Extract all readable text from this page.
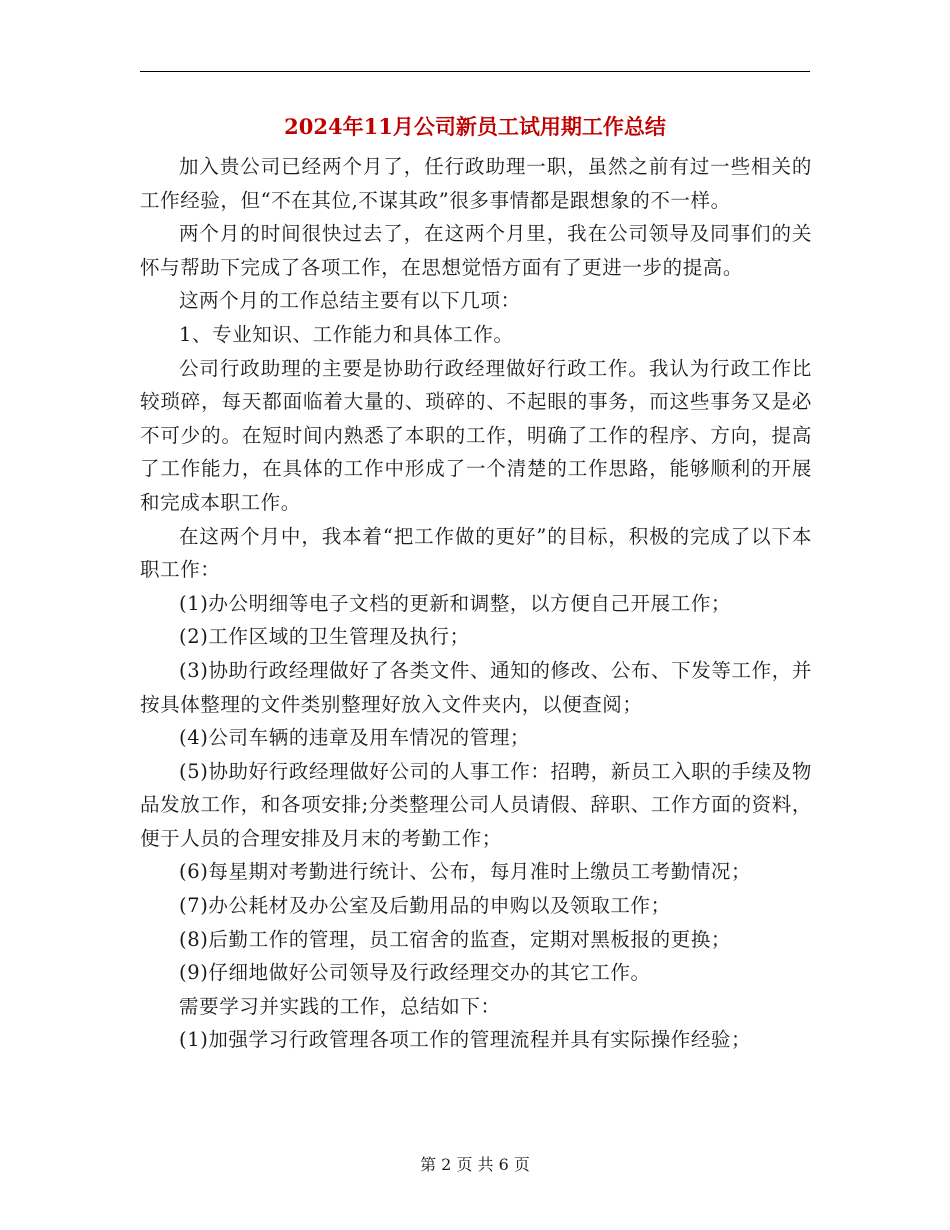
2024年11月公司新员工试用期工作总结

加入贵公司已经两个月了，任行政助理一职，虽然之前有过一些相关的工作经验，但“不在其位,不谋其政”很多事情都是跟想象的不一样。

两个月的时间很快过去了，在这两个月里，我在公司领导及同事们的关怀与帮助下完成了各项工作，在思想觉悟方面有了更进一步的提高。

这两个月的工作总结主要有以下几项：

1、专业知识、工作能力和具体工作。

公司行政助理的主要是协助行政经理做好行政工作。我认为行政工作比较琐碎，每天都面临着大量的、琐碎的、不起眼的事务，而这些事务又是必不可少的。在短时间内熟悉了本职的工作，明确了工作的程序、方向，提高了工作能力，在具体的工作中形成了一个清楚的工作思路，能够顺利的开展和完成本职工作。

在这两个月中，我本着“把工作做的更好”的目标，积极的完成了以下本职工作：

(1)办公明细等电子文档的更新和调整，以方便自己开展工作；

(2)工作区域的卫生管理及执行；

(3)协助行政经理做好了各类文件、通知的修改、公布、下发等工作，并按具体整理的文件类别整理好放入文件夹内，以便查阅；

(4)公司车辆的违章及用车情况的管理；

(5)协助好行政经理做好公司的人事工作：招聘，新员工入职的手续及物品发放工作，和各项安排;分类整理公司人员请假、辞职、工作方面的资料，便于人员的合理安排及月末的考勤工作；

(6)每星期对考勤进行统计、公布，每月准时上缴员工考勤情况；

(7)办公耗材及办公室及后勤用品的申购以及领取工作；

(8)后勤工作的管理，员工宿舍的监查，定期对黑板报的更换；

(9)仔细地做好公司领导及行政经理交办的其它工作。

需要学习并实践的工作，总结如下：

(1)加强学习行政管理各项工作的管理流程并具有实际操作经验；

第 2 页 共 6 页
